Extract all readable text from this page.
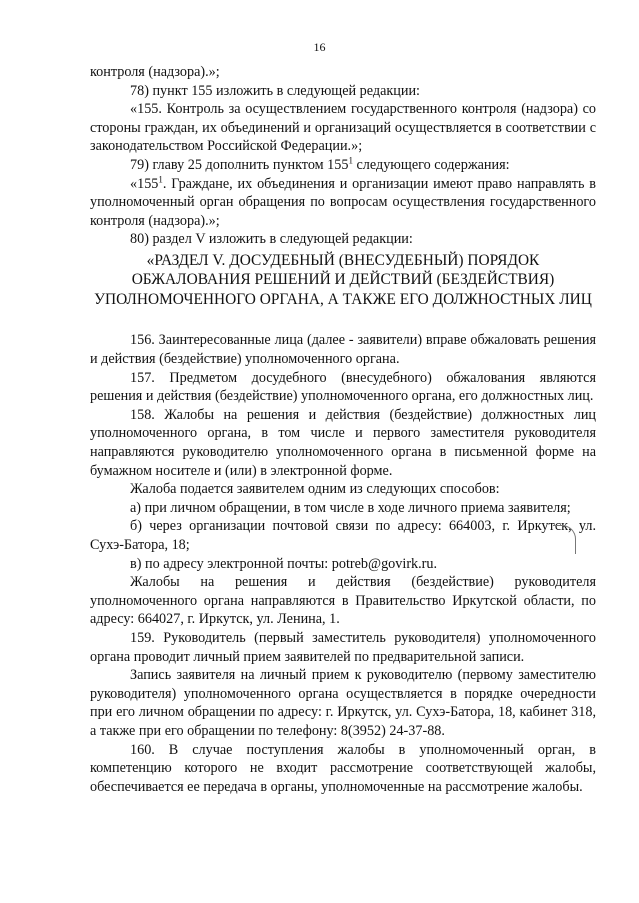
16

контроля (надзора).»;

78) пункт 155 изложить в следующей редакции:

«155. Контроль за осуществлением государственного контроля (надзора) со стороны граждан, их объединений и организаций осуществляется в соответствии с законодательством Российской Федерации.»;

79) главу 25 дополнить пунктом $155^1$ следующего содержания:

«$155^1$. Граждане, их объединения и организации имеют право направлять в уполномоченный орган обращения по вопросам осуществления государственного контроля (надзора).»;

80) раздел V изложить в следующей редакции:

«РАЗДЕЛ V. ДОСУДЕБНЫЙ (ВНЕСУДЕБНЫЙ) ПОРЯДОК
ОБЖАЛОВАНИЯ РЕШЕНИЙ И ДЕЙСТВИЙ (БЕЗДЕЙСТВИЯ)
УПОЛНОМОЧЕННОГО ОРГАНА, А ТАКЖЕ ЕГО ДОЛЖНОСТНЫХ ЛИЦ

156. Заинтересованные лица (далее - заявители) вправе обжаловать решения и действия (бездействие) уполномоченного органа.

157. Предметом досудебного (внесудебного) обжалования являются решения и действия (бездействие) уполномоченного органа, его должностных лиц.

158. Жалобы на решения и действия (бездействие) должностных лиц уполномоченного органа, в том числе и первого заместителя руководителя направляются руководителю уполномоченного органа в письменной форме на бумажном носителе и (или) в электронной форме.

Жалоба подается заявителем одним из следующих способов:

а) при личном обращении, в том числе в ходе личного приема заявителя;

б) через организации почтовой связи по адресу: 664003, г. Иркутск, ул. Сухэ-Батора, 18;

в) по адресу электронной почты: potreb@govirk.ru.

Жалобы на решения и действия (бездействие) руководителя уполномоченного органа направляются в Правительство Иркутской области, по адресу: 664027, г. Иркутск, ул. Ленина, 1.

159. Руководитель (первый заместитель руководителя) уполномоченного органа проводит личный прием заявителей по предварительной записи.

Запись заявителя на личный прием к руководителю (первому заместителю руководителя) уполномоченного органа осуществляется в порядке очередности при его личном обращении по адресу: г. Иркутск, ул. Сухэ-Батора, 18, кабинет 318, а также при его обращении по телефону: 8(3952) 24-37-88.

160. В случае поступления жалобы в уполномоченный орган, в компетенцию которого не входит рассмотрение соответствующей жалобы, обеспечивается ее передача в органы, уполномоченные на рассмотрение жалобы.
